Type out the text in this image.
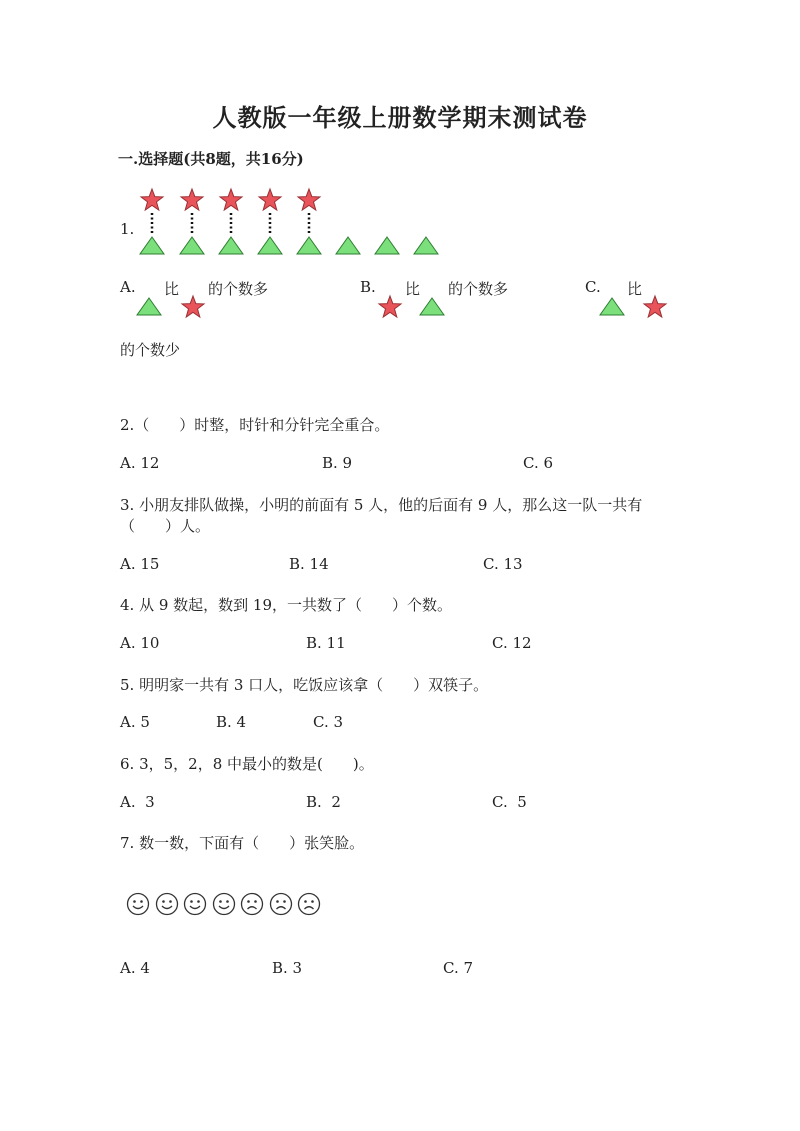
人教版一年级上册数学期末测试卷
一.选择题(共8题，共16分)
1.
A. 比 的个数多	B. 比 的个数多	C. 比
的个数少
2.（　　）时整，时针和分针完全重合。
A. 12	B. 9	C. 6
3. 小朋友排队做操，小明的前面有 5 人，他的后面有 9 人，那么这一队一共有
（　　）人。
A. 15	B. 14	C. 13
4. 从 9 数起，数到 19，一共数了（　　）个数。
A. 10	B. 11	C. 12
5. 明明家一共有 3 口人，吃饭应该拿（　　）双筷子。
A. 5	B. 4	C. 3
6. 3，5，2，8 中最小的数是(　　)。
A.  3	B.  2	C.  5
7. 数一数，下面有（　　）张笑脸。
A. 4	B. 3	C. 7
